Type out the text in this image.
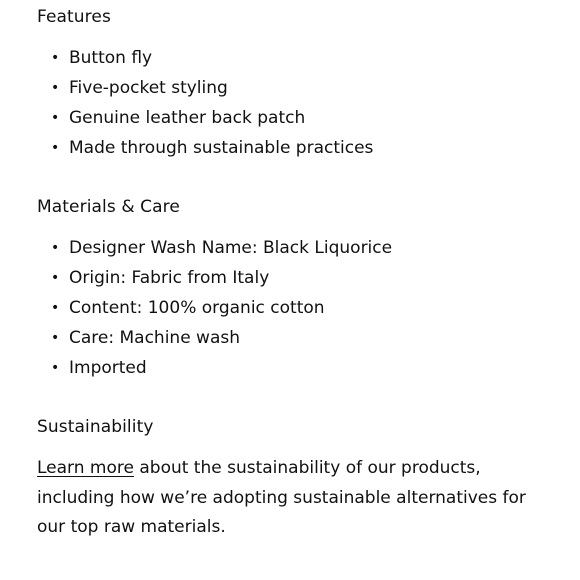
Features
• Button fly
• Five-pocket styling
• Genuine leather back patch
• Made through sustainable practices
Materials & Care
• Designer Wash Name: Black Liquorice
• Origin: Fabric from Italy
• Content: 100% organic cotton
• Care: Machine wash
• Imported
Sustainability

Learn more about the sustainability of our products, including how we’re adopting sustainable alternatives for our top raw materials.
